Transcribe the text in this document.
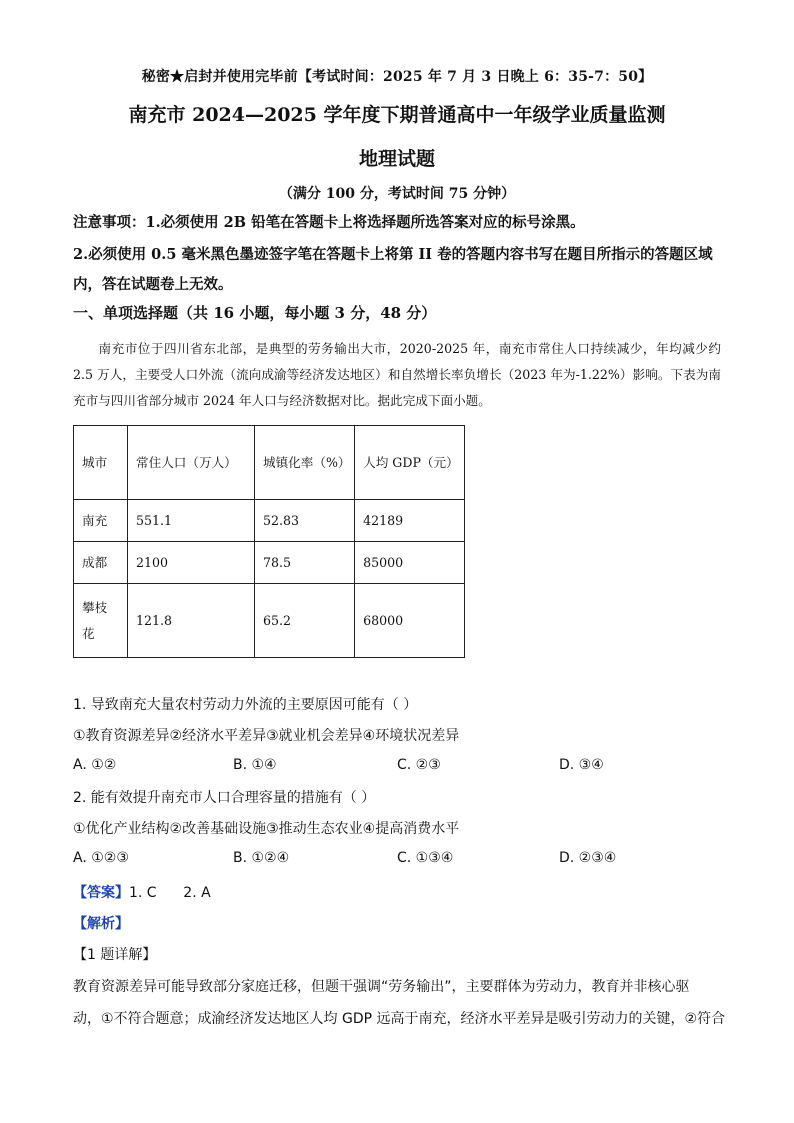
秘密★启封并使用完毕前【考试时间：2025 年 7 月 3 日晚上 6：35-7：50】
南充市 2024—2025 学年度下期普通高中一年级学业质量监测
地理试题
（满分 100 分，考试时间 75 分钟）
注意事项：1.必须使用 2B 铅笔在答题卡上将选择题所选答案对应的标号涂黑。
2.必须使用 0.5 毫米黑色墨迹签字笔在答题卡上将第 II 卷的答题内容书写在题目所指示的答题区域内，答在试题卷上无效。
一、单项选择题（共 16 小题，每小题 3 分，48 分）
南充市位于四川省东北部，是典型的劳务输出大市，2020-2025 年，南充市常住人口持续减少，年均减少约 2.5 万人，主要受人口外流（流向成渝等经济发达地区）和自然增长率负增长（2023 年为-1.22%）影响。下表为南充市与四川省部分城市 2024 年人口与经济数据对比。据此完成下面小题。
城市	常住人口（万人）	城镇化率（%）	人均 GDP（元）
南充	551.1	52.83	42189
成都	2100	78.5	85000
攀枝花	121.8	65.2	68000
1. 导致南充大量农村劳动力外流的主要原因可能有（ ）
①教育资源差异②经济水平差异③就业机会差异④环境状况差异
A. ①②	B. ①④	C. ②③	D. ③④
2. 能有效提升南充市人口合理容量的措施有（ ）
①优化产业结构②改善基础设施③推动生态农业④提高消费水平
A. ①②③	B. ①②④	C. ①③④	D. ②③④
【答案】1. C      2. A
【解析】
【1 题详解】
教育资源差异可能导致部分家庭迁移，但题干强调“劳务输出”，主要群体为劳动力，教育并非核心驱
动，①不符合题意；成渝经济发达地区人均 GDP 远高于南充，经济水平差异是吸引劳动力的关键，②符合
